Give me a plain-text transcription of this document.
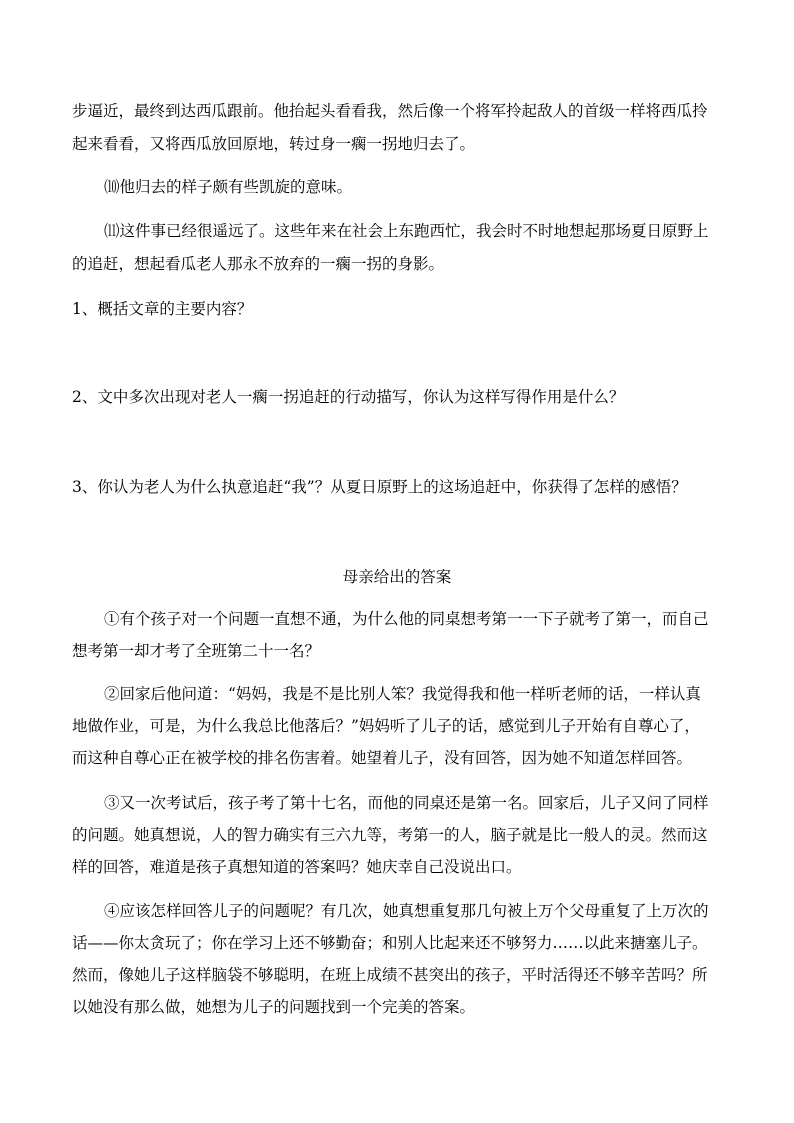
步逼近，最终到达西瓜跟前。他抬起头看看我，然后像一个将军拎起敌人的首级一样将西瓜拎
起来看看，又将西瓜放回原地，转过身一瘸一拐地归去了。
⑽他归去的样子颇有些凯旋的意味。
⑾这件事已经很遥远了。这些年来在社会上东跑西忙，我会时不时地想起那场夏日原野上
的追赶，想起看瓜老人那永不放弃的一瘸一拐的身影。
1、概括文章的主要内容？
2、文中多次出现对老人一瘸一拐追赶的行动描写，你认为这样写得作用是什么？
3、你认为老人为什么执意追赶“我”？从夏日原野上的这场追赶中，你获得了怎样的感悟？
母亲给出的答案
①有个孩子对一个问题一直想不通，为什么他的同桌想考第一一下子就考了第一，而自己
想考第一却才考了全班第二十一名？
②回家后他问道：“妈妈，我是不是比别人笨？我觉得我和他一样听老师的话，一样认真
地做作业，可是，为什么我总比他落后？”妈妈听了儿子的话，感觉到儿子开始有自尊心了，
而这种自尊心正在被学校的排名伤害着。她望着儿子，没有回答，因为她不知道怎样回答。
③又一次考试后，孩子考了第十七名，而他的同桌还是第一名。回家后，儿子又问了同样
的问题。她真想说，人的智力确实有三六九等，考第一的人，脑子就是比一般人的灵。然而这
样的回答，难道是孩子真想知道的答案吗？她庆幸自己没说出口。
④应该怎样回答儿子的问题呢？有几次，她真想重复那几句被上万个父母重复了上万次的
话——你太贪玩了；你在学习上还不够勤奋；和别人比起来还不够努力……以此来搪塞儿子。
然而，像她儿子这样脑袋不够聪明，在班上成绩不甚突出的孩子，平时活得还不够辛苦吗？所
以她没有那么做，她想为儿子的问题找到一个完美的答案。
